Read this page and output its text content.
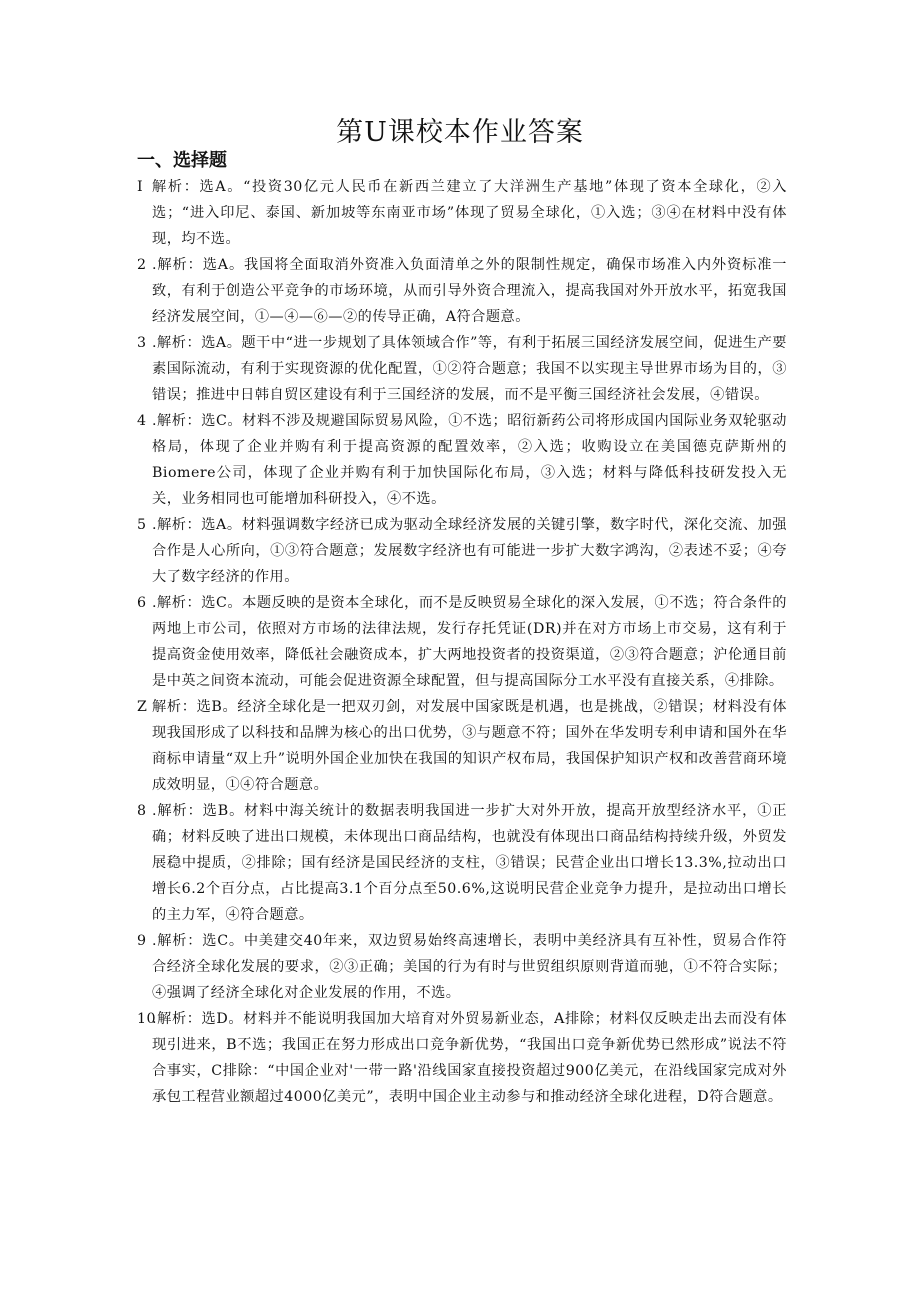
第U课校本作业答案
一、选择题
I 解析：选A。“投资30亿元人民币在新西兰建立了大洋洲生产基地”体现了资本全球化，②入选；“进入印尼、泰国、新加坡等东南亚市场”体现了贸易全球化，①入选；③④在材料中没有体现，均不选。
2 .解析：选A。我国将全面取消外资准入负面清单之外的限制性规定，确保市场准入内外资标准一致，有利于创造公平竞争的市场环境，从而引导外资合理流入，提高我国对外开放水平，拓宽我国经济发展空间，①—④—⑥—②的传导正确，A符合题意。
3 .解析：选A。题干中“进一步规划了具体领域合作”等，有利于拓展三国经济发展空间，促进生产要素国际流动，有利于实现资源的优化配置，①②符合题意；我国不以实现主导世界市场为目的，③错误；推进中日韩自贸区建设有利于三国经济的发展，而不是平衡三国经济社会发展，④错误。
4 .解析：选C。材料不涉及规避国际贸易风险，①不选；昭衍新药公司将形成国内国际业务双轮驱动格局，体现了企业并购有利于提高资源的配置效率，②入选；收购设立在美国德克萨斯州的Biomere公司，体现了企业并购有利于加快国际化布局，③入选；材料与降低科技研发投入无关，业务相同也可能增加科研投入，④不选。
5 .解析：选A。材料强调数字经济已成为驱动全球经济发展的关键引擎，数字时代，深化交流、加强合作是人心所向，①③符合题意；发展数字经济也有可能进一步扩大数字鸿沟，②表述不妥；④夸大了数字经济的作用。
6 .解析：选C。本题反映的是资本全球化，而不是反映贸易全球化的深入发展，①不选；符合条件的两地上市公司，依照对方市场的法律法规，发行存托凭证(DR)并在对方市场上市交易，这有利于提高资金使用效率，降低社会融资成本，扩大两地投资者的投资渠道，②③符合题意；沪伦通目前是中英之间资本流动，可能会促进资源全球配置，但与提高国际分工水平没有直接关系，④排除。
Z 解析：选B。经济全球化是一把双刃剑，对发展中国家既是机遇，也是挑战，②错误；材料没有体现我国形成了以科技和品牌为核心的出口优势，③与题意不符；国外在华发明专利申请和国外在华商标申请量“双上升”说明外国企业加快在我国的知识产权布局，我国保护知识产权和改善营商环境成效明显，①④符合题意。
8 .解析：选B。材料中海关统计的数据表明我国进一步扩大对外开放，提高开放型经济水平，①正确；材料反映了进出口规模，未体现出口商品结构，也就没有体现出口商品结构持续升级，外贸发展稳中提质，②排除；国有经济是国民经济的支柱，③错误；民营企业出口增长13.3%,拉动出口增长6.2个百分点，占比提高3.1个百分点至50.6%,这说明民营企业竞争力提升，是拉动出口增长的主力军，④符合题意。
9 .解析：选C。中美建交40年来，双边贸易始终高速增长，表明中美经济具有互补性，贸易合作符合经济全球化发展的要求，②③正确；美国的行为有时与世贸组织原则背道而驰，①不符合实际；④强调了经济全球化对企业发展的作用，不选。
10
.解析：选D。材料并不能说明我国加大培育对外贸易新业态，A排除；材料仅反映走出去而没有体现引进来，B不选；我国正在努力形成出口竞争新优势，“我国出口竞争新优势已然形成”说法不符合事实，C排除：“中国企业对'一带一路'沿线国家直接投资超过900亿美元，在沿线国家完成对外承包工程营业额超过4000亿美元”，表明中国企业主动参与和推动经济全球化进程，D符合题意。
